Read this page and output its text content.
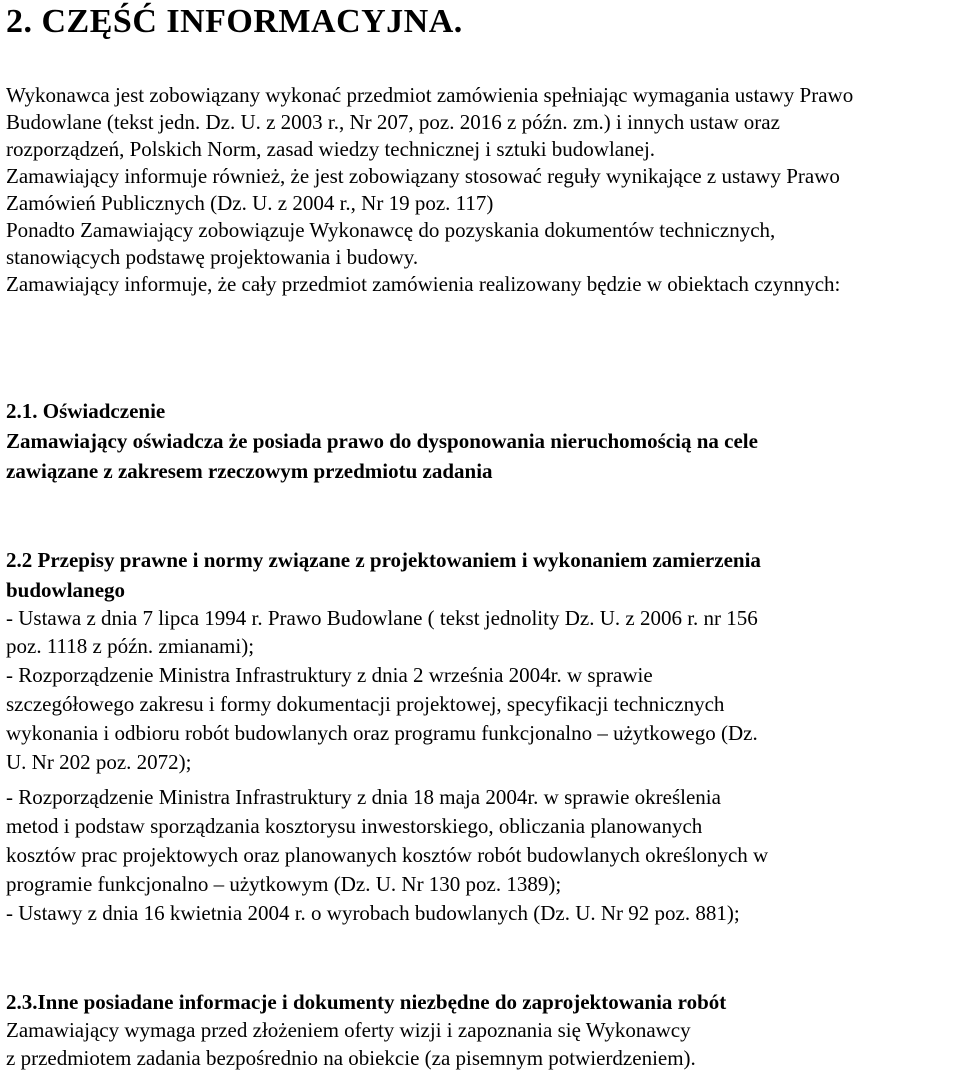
2. CZĘŚĆ INFORMACYJNA.
Wykonawca jest zobowiązany wykonać przedmiot zamówienia spełniając wymagania ustawy Prawo
Budowlane (tekst jedn. Dz. U. z 2003 r., Nr 207, poz. 2016 z późn. zm.) i innych ustaw oraz
rozporządzeń, Polskich Norm, zasad wiedzy technicznej i sztuki budowlanej.
Zamawiający informuje również, że jest zobowiązany stosować reguły wynikające z ustawy Prawo
Zamówień Publicznych (Dz. U. z 2004 r., Nr 19 poz. 117)
Ponadto Zamawiający zobowiązuje Wykonawcę do pozyskania dokumentów technicznych,
stanowiących podstawę projektowania i budowy.
Zamawiający informuje, że cały przedmiot zamówienia realizowany będzie w obiektach czynnych:
2.1. Oświadczenie
Zamawiający oświadcza że posiada prawo do dysponowania nieruchomością na cele
zawiązane z zakresem rzeczowym przedmiotu zadania
2.2 Przepisy prawne i normy związane z projektowaniem i wykonaniem zamierzenia
budowlanego
- Ustawa z dnia 7 lipca 1994 r. Prawo Budowlane ( tekst jednolity Dz. U. z 2006 r. nr 156
poz. 1118 z późn. zmianami);
- Rozporządzenie Ministra Infrastruktury z dnia 2 września 2004r. w sprawie
szczegółowego zakresu i formy dokumentacji projektowej, specyfikacji technicznych
wykonania i odbioru robót budowlanych oraz programu funkcjonalno – użytkowego (Dz.
U. Nr 202 poz. 2072);
- Rozporządzenie Ministra Infrastruktury z dnia 18 maja 2004r. w sprawie określenia
metod i podstaw sporządzania kosztorysu inwestorskiego, obliczania planowanych
kosztów prac projektowych oraz planowanych kosztów robót budowlanych określonych w
programie funkcjonalno – użytkowym (Dz. U. Nr 130 poz. 1389);
- Ustawy z dnia 16 kwietnia 2004 r. o wyrobach budowlanych (Dz. U. Nr 92 poz. 881);
2.3.Inne posiadane informacje i dokumenty niezbędne do zaprojektowania robót
Zamawiający wymaga przed złożeniem oferty wizji i zapoznania się Wykonawcy
z przedmiotem zadania bezpośrednio na obiekcie (za pisemnym potwierdzeniem).
